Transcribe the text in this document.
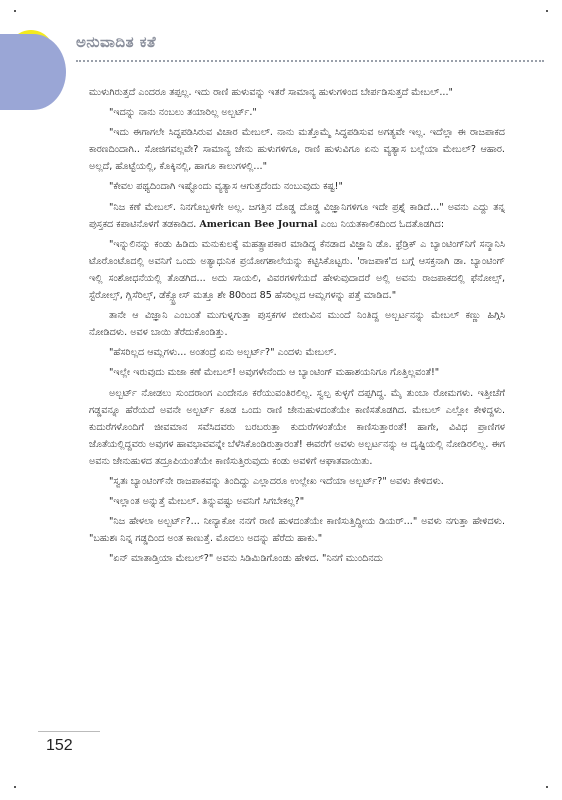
ಅನುವಾದಿತ ಕತೆ

ಮುಳುಗಿರುತ್ತದೆ ಎಂದರೂ ತಪ್ಪಲ್ಲ. ಇದು ರಾಣಿ ಹುಳುವನ್ನು ಇತರೆ ಸಾಮಾನ್ಯ ಹುಳುಗಳಿಂದ ಬೇರ್ಪಡಿಸುತ್ತದೆ ಮೇಬಲ್..."

"ಇದನ್ನು ನಾನು ನಂಬಲು ತಯಾರಿಲ್ಲ ಅಲ್ಬರ್ಟ್."

"ಇದು ಈಗಾಗಲೇ ಸಿದ್ಧಪಡಿಸಿರುವ ವಿಚಾರ ಮೇಬಲ್. ನಾನು ಮತ್ತೊಮ್ಮೆ ಸಿದ್ಧಪಡಿಸುವ ಅಗತ್ಯವೇ ಇಲ್ಲ. ಇದೆಲ್ಲಾ ಈ ರಾಜಪಾಕದ ಕಾರಣದಿಂದಾಗಿ.. ಸೋಜಿಗವಲ್ಲವೇ? ಸಾಮಾನ್ಯ ಜೇನು ಹುಳುಗಳಿಗೂ, ರಾಣಿ ಹುಳುವಿಗೂ ಏನು ವ್ಯತ್ಯಾಸ ಬಲ್ಲೆಯಾ ಮೇಬಲ್? ಆಹಾರ. ಅಲ್ಲದೆ, ಹೊಟ್ಟೆಯಲ್ಲಿ, ಕೊಕ್ಕಿನಲ್ಲಿ, ಹಾಗೂ ಕಾಲುಗಳಲ್ಲಿ..."

"ಕೇವಲ ಪಥ್ಯದಿಂದಾಗಿ ಇಷ್ಟೊಂದು ವ್ಯತ್ಯಾಸ ಆಗುತ್ತದೆಂದು ನಂಬುವುದು ಕಷ್ಟ!"

"ನಿಜ ಕಣೆ ಮೇಬಲ್. ನಿನಗೊಬ್ಬಳಿಗೇ ಅಲ್ಲ. ಜಗತ್ತಿನ ದೊಡ್ಡ ದೊಡ್ಡ ವಿಜ್ಞಾನಿಗಳಿಗೂ ಇದೇ ಪ್ರಶ್ನೆ ಕಾಡಿದೆ..." ಅವನು ಎದ್ದು ತನ್ನ ಪುಸ್ತಕದ ಕಪಾಟಿನೊಳಗೆ ತಡಕಾಡಿದ. American Bee Journal ಎಂಬ ನಿಯತಕಾಲಿಕದಿಂದ ಓದತೊಡಗಿದ:

"ಇನ್ನುಲಿನನ್ನು ಕಂಡು ಹಿಡಿದು ಮನುಕುಲಕ್ಕೆ ಮಹತ್ಪ್ರಾಪಕಾರ ಮಾಡಿದ್ದ ಕೆನಡಾದ ವಿಜ್ಞಾನಿ ಡೊ. ಫ್ರೆಡ್ರಿಕ್ ಎ ಬ್ಯಾಂಟಿಂಗ್‌ನಿಗೆ ಸನ್ಮಾನಿಸಿ ಟೊರೊಂಟೊದಲ್ಲಿ ಅವನಿಗೆ ಒಂದು ಅತ್ಯಾಧುನಿಕ ಪ್ರಯೋಗಶಾಲೆಯನ್ನು ಕಟ್ಟಿಸಿಕೊಟ್ಟರು. 'ರಾಜಪಾಕ'ದ ಬಗ್ಗೆ ಆಸಕ್ತನಾಗಿ ಡಾ. ಬ್ಯಾಂಟಿಂಗ್ ಇಲ್ಲಿ ಸಂಶೋಧನೆಯಲ್ಲಿ ತೊಡಗಿದ... ಅದು ಸಾಯಲಿ, ವಿವರಗಳಿಗೆಯದೆ ಹೇಳುವುದಾದರೆ ಅಲ್ಲಿ ಅವನು ರಾಜಪಾಕದಲ್ಲಿ ಫೆನೋಲ್ಸ್, ಸ್ಟೆರೋಲ್ಸ್, ಗ್ಲಿಸೆರಿಲ್ಸ್, ಡೆಕ್ಸ್ಟ್ರೋಸ್ ಮತ್ತೂ ಶೇ 80ರಿಂದ 85 ಹೆಸರಿಲ್ಲದ ಆಮ್ಲಗಳನ್ನು ಪತ್ತೆ ಮಾಡಿದ."

ತಾನೇ ಆ ವಿಜ್ಞಾನಿ ಎಂಬಂತೆ ಮುಗುಳ್ನಗುತ್ತಾ ಪುಸ್ತಕಗಳ ಬೀರುವಿನ ಮುಂದೆ ನಿಂತಿದ್ದ ಅಲ್ಬರ್ಟನನ್ನು ಮೇಬಲ್ ಕಣ್ಣು ಹಿಗ್ಗಿಸಿ ನೋಡಿದಳು. ಅವಳ ಬಾಯಿ ತೆರೆದುಕೊಂಡಿತ್ತು.

"ಹೆಸರಿಲ್ಲದ ಆಮ್ಲಗಳು... ಅಂತಂದ್ರೆ ಏನು ಅಲ್ಬರ್ಟ್?" ಎಂದಳು ಮೇಬಲ್.

"ಇಲ್ಲೇ ಇರುವುದು ಮಜಾ ಕಣೆ ಮೇಬಲ್! ಅವುಗಳೇನೆಂದು ಆ ಬ್ಯಾಂಟಿಂಗ್ ಮಹಾಶಯನಿಗೂ ಗೊತ್ತಿಲ್ಲವಂತೆ!"

ಅಲ್ಬರ್ಟ್ ನೋಡಲು ಸುಂದರಾಂಗ ಎಂದೇನೂ ಕರೆಯುವಂತಿರಲಿಲ್ಲ. ಸ್ವಲ್ಪ ಕುಳ್ಳಗೆ ದಪ್ಪಗಿದ್ದ. ಮೈ ತುಂಬಾ ರೋಮಗಳು. ಇತ್ತೀಚೆಗೆ ಗಡ್ಡವನ್ನೂ ಹೆರೆಯದೆ ಅವನೇ ಅಲ್ಬರ್ಟ್ ಕೂಡ ಒಂದು ರಾಣಿ ಜೇನುಹುಳದಂತೆಯೇ ಕಾಣಿಸತೊಡಗಿದ. ಮೇಬಲ್ ಎಲ್ಲೋ ಕೇಳಿದ್ದಳು. ಕುದುರೆಗಳೊಂದಿಗೆ ಜೀವಮಾನ ಸವೆಸಿದವರು ಬರಬರುತ್ತಾ ಕುದುರೆಗಳಂತೆಯೇ ಕಾಣಿಸುತ್ತಾರಂತೆ! ಹಾಗೇ, ವಿವಿಧ ಪ್ರಾಣಿಗಳ ಜೊತೆಯಲ್ಲಿದ್ದವರು ಅವುಗಳ ಹಾವಭಾವವನ್ನೇ ಬೆಳೆಸಿಕೊಂಡಿರುತ್ತಾರಂತೆ! ಈವರೆಗೆ ಅವಳು ಅಲ್ಬರ್ಟನನ್ನು ಆ ದೃಷ್ಟಿಯಲ್ಲಿ ನೋಡಿರಲಿಲ್ಲ. ಈಗ ಅವನು ಜೇನುಹುಳದ ತದ್ರೂಪಿಯಂತೆಯೇ ಕಾಣಿಸುತ್ತಿರುವುದು ಕಂಡು ಅವಳಿಗೆ ಆಘಾತವಾಯಿತು.

"ಸ್ವತಃ ಬ್ಯಾಂಟಿಂಗ್‌ನೇ ರಾಜಪಾಕವನ್ನು ತಿಂದಿದ್ದು ಎಲ್ಲಾದರೂ ಉಲ್ಲೇಖ ಇದೆಯಾ ಅಲ್ಬರ್ಟ್?" ಅವಳು ಕೇಳಿದಳು.

"ಇಲ್ಲಾಂತ ಅನ್ನುತ್ತೆ ಮೇಬಲ್. ತಿನ್ನುವಷ್ಟು ಅವನಿಗೆ ಸಿಗಬೇಕಲ್ಲ?"

"ನಿಜ ಹೇಳಲಾ ಅಲ್ಬರ್ಟ್?... ನೀನ್ಯಾಕೋ ನನಗೆ ರಾಣಿ ಹುಳದಂತೆಯೇ ಕಾಣಿಸುತ್ತಿದ್ದೀಯ ಡಿಯರ್..." ಅವಳು ನಗುತ್ತಾ ಹೇಳಿದಳು. "ಬಹುಶಃ ನಿನ್ನ ಗಡ್ಡದಿಂದ ಅಂತ ಕಾಣುತ್ತೆ. ಮೊದಲು ಅದನ್ನು ಹೆರೆದು ಹಾಕು."

"ಏನ್ ಮಾತಾಡ್ತಿಯಾ ಮೇಬಲ್?" ಅವನು ಸಿಡಿಮಿಡಿಗೊಂಡು ಹೇಳಿದ. "ನಿನಗೆ ಮುಂದಿನದು

152
